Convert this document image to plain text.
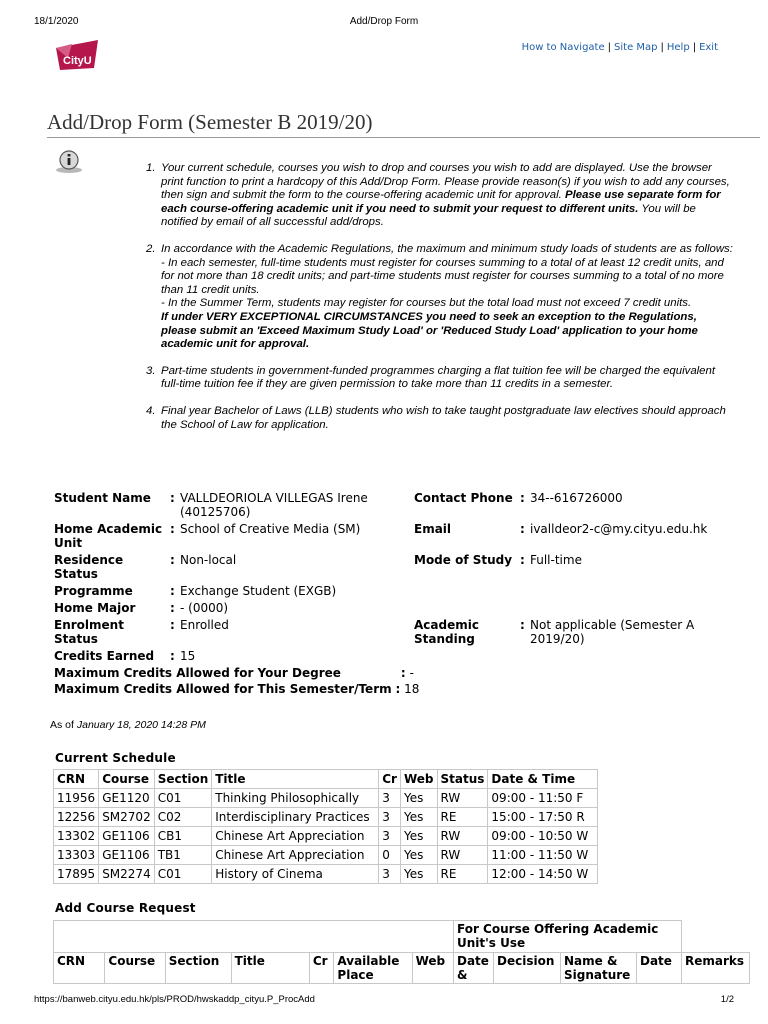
18/1/2020	Add/Drop Form
CityU
How to Navigate | Site Map | Help | Exit
Add/Drop Form (Semester B 2019/20)
1. Your current schedule, courses you wish to drop and courses you wish to add are displayed. Use the browser print function to print a hardcopy of this Add/Drop Form. Please provide reason(s) if you wish to add any courses, then sign and submit the form to the course-offering academic unit for approval. Please use separate form for each course-offering academic unit if you need to submit your request to different units. You will be notified by email of all successful add/drops.
2. In accordance with the Academic Regulations, the maximum and minimum study loads of students are as follows:
- In each semester, full-time students must register for courses summing to a total of at least 12 credit units, and for not more than 18 credit units; and part-time students must register for courses summing to a total of no more than 11 credit units.
- In the Summer Term, students may register for courses but the total load must not exceed 7 credit units.
If under VERY EXCEPTIONAL CIRCUMSTANCES you need to seek an exception to the Regulations, please submit an 'Exceed Maximum Study Load' or 'Reduced Study Load' application to your home academic unit for approval.
3. Part-time students in government-funded programmes charging a flat tuition fee will be charged the equivalent full-time tuition fee if they are given permission to take more than 11 credits in a semester.
4. Final year Bachelor of Laws (LLB) students who wish to take taught postgraduate law electives should approach the School of Law for application.
Student Name	:	VALLDEORIOLA VILLEGAS Irene (40125706)	Contact Phone	:	34--616726000
Home Academic Unit	:	School of Creative Media (SM)	Email	:	ivalldeor2-c@my.cityu.edu.hk
Residence Status	:	Non-local	Mode of Study	:	Full-time
Programme	:	Exchange Student (EXGB)			
Home Major	:	- (0000)			
Enrolment Status	:	Enrolled	Academic Standing	:	Not applicable (Semester A 2019/20)
Credits Earned	:	15			
Maximum Credits Allowed for Your Degree	: -
Maximum Credits Allowed for This Semester/Term : 18
As of January 18, 2020 14:28 PM
Current Schedule
CRN	Course	Section	Title	Cr	Web	Status	Date & Time
11956	GE1120	C01	Thinking Philosophically	3	Yes	RW	09:00 - 11:50 F
12256	SM2702	C02	Interdisciplinary Practices	3	Yes	RE	15:00 - 17:50 R
13302	GE1106	CB1	Chinese Art Appreciation	3	Yes	RW	09:00 - 10:50 W
13303	GE1106	TB1	Chinese Art Appreciation	0	Yes	RW	11:00 - 11:50 W
17895	SM2274	C01	History of Cinema	3	Yes	RE	12:00 - 14:50 W
Add Course Request
							For Course Offering Academic Unit's Use				
CRN	Course	Section	Title	Cr	Available Place	Web	Date &	Decision	Name & Signature	Date	Remarks
https://banweb.cityu.edu.hk/pls/PROD/hwskaddp_cityu.P_ProcAdd	1/2
